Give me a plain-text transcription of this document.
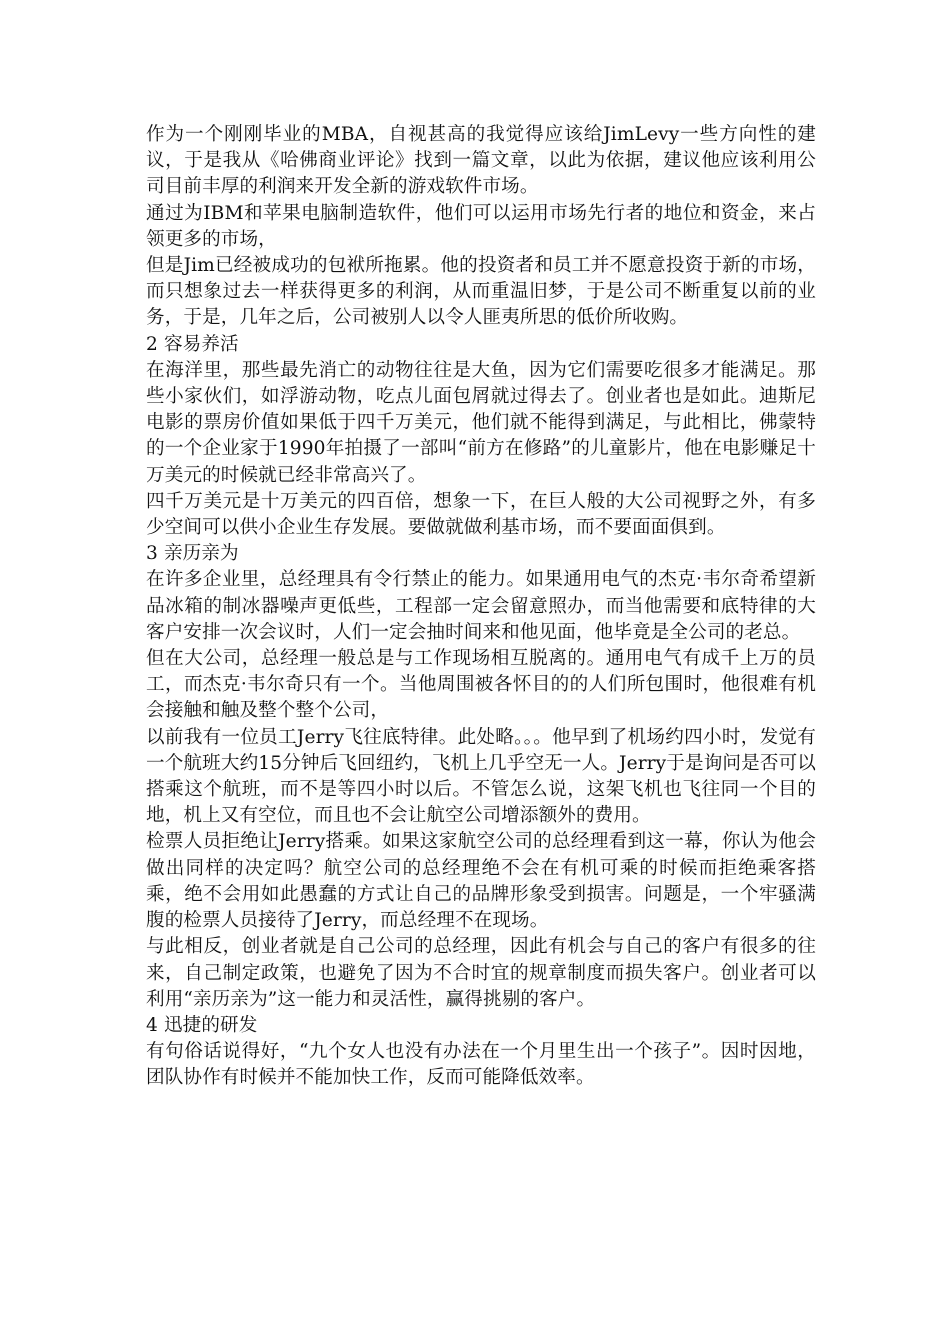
作为一个刚刚毕业的MBA，自视甚高的我觉得应该给JimLevy一些方向性的建议，于是我从《哈佛商业评论》找到一篇文章，以此为依据，建议他应该利用公司目前丰厚的利润来开发全新的游戏软件市场。

通过为IBM和苹果电脑制造软件，他们可以运用市场先行者的地位和资金，来占领更多的市场，

但是Jim已经被成功的包袱所拖累。他的投资者和员工并不愿意投资于新的市场，而只想象过去一样获得更多的利润，从而重温旧梦，于是公司不断重复以前的业务，于是，几年之后，公司被别人以令人匪夷所思的低价所收购。

2 容易养活

在海洋里，那些最先消亡的动物往往是大鱼，因为它们需要吃很多才能满足。那些小家伙们，如浮游动物，吃点儿面包屑就过得去了。创业者也是如此。迪斯尼电影的票房价值如果低于四千万美元，他们就不能得到满足，与此相比，佛蒙特的一个企业家于1990年拍摄了一部叫“前方在修路”的儿童影片，他在电影赚足十万美元的时候就已经非常高兴了。

四千万美元是十万美元的四百倍，想象一下，在巨人般的大公司视野之外，有多少空间可以供小企业生存发展。要做就做利基市场，而不要面面俱到。

3 亲历亲为

在许多企业里，总经理具有令行禁止的能力。如果通用电气的杰克·韦尔奇希望新品冰箱的制冰器噪声更低些，工程部一定会留意照办，而当他需要和底特律的大客户安排一次会议时，人们一定会抽时间来和他见面，他毕竟是全公司的老总。

但在大公司，总经理一般总是与工作现场相互脱离的。通用电气有成千上万的员工，而杰克·韦尔奇只有一个。当他周围被各怀目的的人们所包围时，他很难有机会接触和触及整个整个公司，

以前我有一位员工Jerry飞往底特律。此处略。。。他早到了机场约四小时，发觉有一个航班大约15分钟后飞回纽约，飞机上几乎空无一人。Jerry于是询问是否可以搭乘这个航班，而不是等四小时以后。不管怎么说，这架飞机也飞往同一个目的地，机上又有空位，而且也不会让航空公司增添额外的费用。

检票人员拒绝让Jerry搭乘。如果这家航空公司的总经理看到这一幕，你认为他会做出同样的决定吗？航空公司的总经理绝不会在有机可乘的时候而拒绝乘客搭乘，绝不会用如此愚蠢的方式让自己的品牌形象受到损害。问题是，一个牢骚满腹的检票人员接待了Jerry，而总经理不在现场。

与此相反，创业者就是自己公司的总经理，因此有机会与自己的客户有很多的往来，自己制定政策，也避免了因为不合时宜的规章制度而损失客户。创业者可以利用“亲历亲为”这一能力和灵活性，赢得挑剔的客户。

4 迅捷的研发

有句俗话说得好，“九个女人也没有办法在一个月里生出一个孩子”。因时因地，团队协作有时候并不能加快工作，反而可能降低效率。
